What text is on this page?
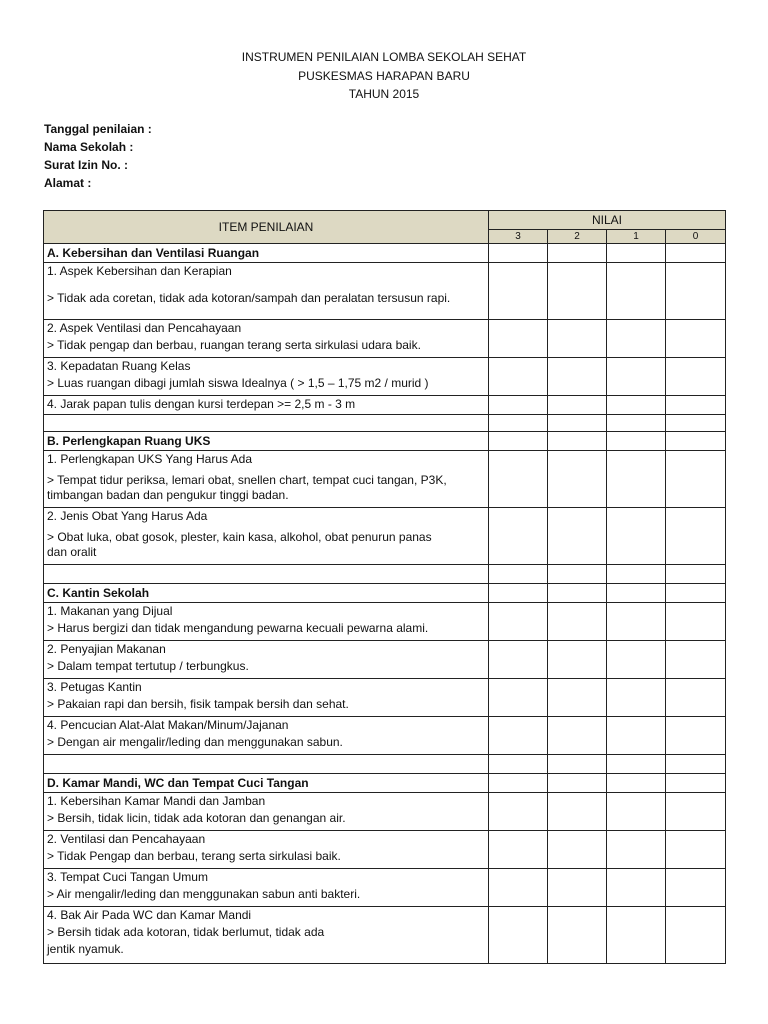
INSTRUMEN PENILAIAN LOMBA SEKOLAH SEHAT
PUSKESMAS HARAPAN BARU
TAHUN 2015
Tanggal penilaian :
Nama Sekolah :
Surat Izin No. :
Alamat :
ITEM PENILAIAN	NILAI			
	3	2	1	0
A. Kebersihan dan Ventilasi Ruangan				

1. Aspek Kebersihan dan Kerapian
> Tidak ada coretan, tidak ada kotoran/sampah dan peralatan tersusun rapi.				

2. Aspek Ventilasi dan Pencahayaan
> Tidak pengap dan berbau, ruangan terang serta sirkulasi udara baik.				

3. Kepadatan Ruang Kelas
> Luas ruangan dibagi jumlah siswa Idealnya ( > 1,5 – 1,75 m2 / murid )				

4. Jarak papan tulis dengan kursi terdepan >= 2,5 m - 3 m				

B. Perlengkapan Ruang UKS				

1. Perlengkapan UKS Yang Harus Ada
> Tempat tidur periksa, lemari obat, snellen chart, tempat cuci tangan, P3K,
timbangan badan dan pengukur tinggi badan.				

2. Jenis Obat Yang Harus Ada
> Obat luka, obat gosok, plester, kain kasa, alkohol, obat penurun panas
dan oralit				

C. Kantin Sekolah				

1. Makanan yang Dijual
> Harus bergizi dan tidak mengandung pewarna kecuali pewarna alami.				

2. Penyajian Makanan
> Dalam tempat tertutup / terbungkus.				

3. Petugas Kantin
> Pakaian rapi dan bersih, fisik tampak bersih dan sehat.				

4. Pencucian Alat-Alat Makan/Minum/Jajanan
> Dengan air mengalir/leding dan menggunakan sabun.				

D. Kamar Mandi, WC dan Tempat Cuci Tangan				

1. Kebersihan Kamar Mandi dan Jamban
> Bersih, tidak licin, tidak ada kotoran dan genangan air.				

2. Ventilasi dan Pencahayaan
> Tidak Pengap dan berbau, terang serta sirkulasi baik.				

3. Tempat Cuci Tangan Umum
> Air mengalir/leding dan menggunakan sabun anti bakteri.				

4. Bak Air Pada WC dan Kamar Mandi
> Bersih tidak ada kotoran, tidak berlumut, tidak ada
jentik nyamuk.				
